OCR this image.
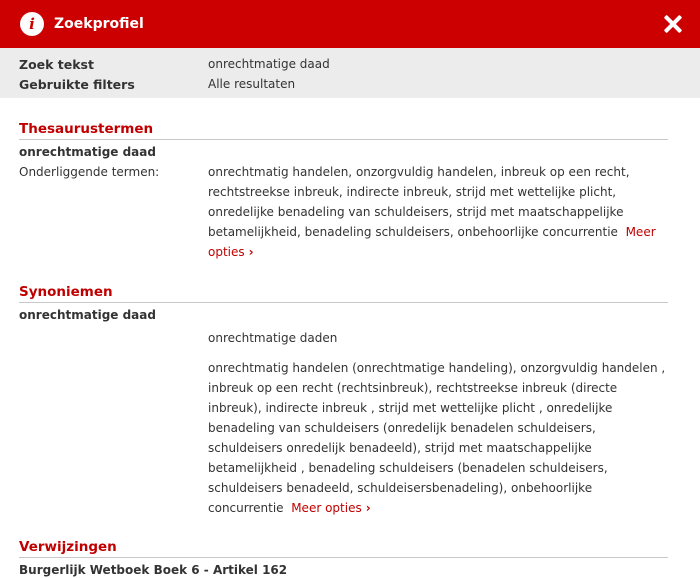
i	Zoekprofiel
Zoek tekst	onrechtmatige daad
Gebruikte filters	Alle resultaten
Thesaurustermen
onrechtmatige daad
Onderliggende termen:	onrechtmatig handelen, onzorgvuldig handelen, inbreuk op een recht, rechtstreekse inbreuk, indirecte inbreuk, strijd met wettelijke plicht, onredelijke benadeling van schuldeisers, strijd met maatschappelijke betamelijkheid, benadeling schuldeisers, onbehoorlijke concurrentie Meer opties ›
Synoniemen
onrechtmatige daad
onrechtmatige daden
onrechtmatig handelen (onrechtmatige handeling), onzorgvuldig handelen , inbreuk op een recht (rechtsinbreuk), rechtstreekse inbreuk (directe inbreuk), indirecte inbreuk , strijd met wettelijke plicht , onredelijke benadeling van schuldeisers (onredelijk benadelen schuldeisers, schuldeisers onredelijk benadeeld), strijd met maatschappelijke betamelijkheid , benadeling schuldeisers (benadelen schuldeisers, schuldeisers benadeeld, schuldeisersbenadeling), onbehoorlijke concurrentie Meer opties ›
Verwijzingen
Burgerlijk Wetboek Boek 6 - Artikel 162
